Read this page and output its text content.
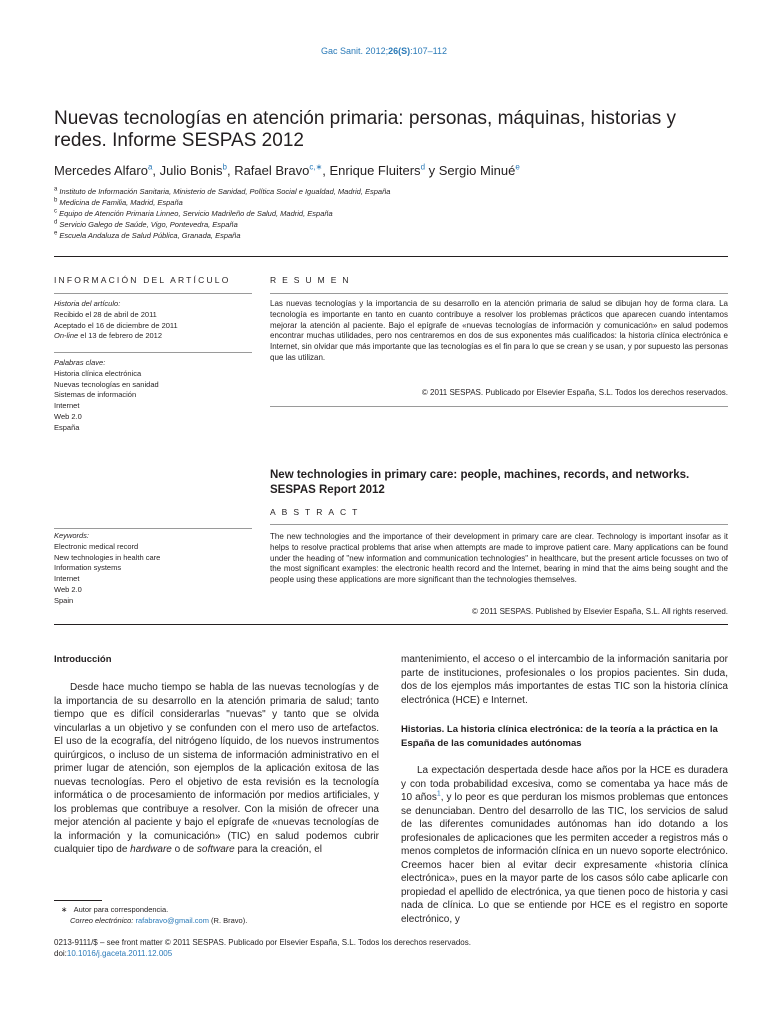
Gac Sanit. 2012;26(S):107–112
Nuevas tecnologías en atención primaria: personas, máquinas, historias y redes. Informe SESPAS 2012
Mercedes Alfaro$^a$, Julio Bonis$^b$, Rafael Bravo$^{c,∗}$, Enrique Fluiters$^d$ y Sergio Minué$^e$
$^a$ Instituto de Información Sanitaria, Ministerio de Sanidad, Política Social e Igualdad, Madrid, España
$^b$ Medicina de Familia, Madrid, España
$^c$ Equipo de Atención Primaria Linneo, Servicio Madrileño de Salud, Madrid, España
$^d$ Servicio Galego de Saúde, Vigo, Pontevedra, España
$^e$ Escuela Andaluza de Salud Pública, Granada, España
INFORMACIÓN DEL ARTÍCULO	RESUMEN
Historia del artículo:
Recibido el 28 de abril de 2011
Aceptado el 16 de diciembre de 2011
On-line el 13 de febrero de 2012
Palabras clave:
Historia clínica electrónica
Nuevas tecnologías en sanidad
Sistemas de información
Internet
Web 2.0
España
Las nuevas tecnologías y la importancia de su desarrollo en la atención primaria de salud se dibujan hoy de forma clara. La tecnología es importante en tanto en cuanto contribuye a resolver los problemas prácticos que aparecen cuando intentamos mejorar la atención al paciente. Bajo el epígrafe de «nuevas tecnologías de información y comunicación» en salud podemos encontrar muchas utilidades, pero nos centraremos en dos de sus exponentes más cualificados: la historia clínica electrónica e Internet, sin olvidar que más importante que las tecnologías es el fin para lo que se crean y se usan, y por supuesto las personas que las utilizan.
© 2011 SESPAS. Publicado por Elsevier España, S.L. Todos los derechos reservados.
New technologies in primary care: people, machines, records, and networks. SESPAS Report 2012
ABSTRACT
Keywords:
Electronic medical record
New technologies in health care
Information systems
Internet
Web 2.0
Spain
The new technologies and the importance of their development in primary care are clear. Technology is important insofar as it helps to resolve practical problems that arise when attempts are made to improve patient care. Many applications can be found under the heading of "new information and communication technologies" in healthcare, but the present article focusses on two of the most significant examples: the electronic health record and the Internet, bearing in mind that the aims being sought and the people using these applications are more significant than the technologies themselves.
© 2011 SESPAS. Published by Elsevier España, S.L. All rights reserved.
Introducción
Desde hace mucho tiempo se habla de las nuevas tecnologías y de la importancia de su desarrollo en la atención primaria de salud; tanto tiempo que es difícil considerarlas "nuevas" y tanto que se olvida vincularlas a un objetivo y se confunden con el mero uso de artefactos. El uso de la ecografía, del nitrógeno líquido, de los nuevos instrumentos quirúrgicos, o incluso de un sistema de información administrativo en el primer lugar de atención, son ejemplos de la aplicación exitosa de las nuevas tecnologías. Pero el objetivo de esta revisión es la tecnología informática o de procesamiento de información por medios artificiales, y los problemas que contribuye a resolver. Con la misión de ofrecer una mejor atención al paciente y bajo el epígrafe de «nuevas tecnologías de la información y la comunicación» (TIC) en salud podemos cubrir cualquier tipo de hardware o de software para la creación, el
mantenimiento, el acceso o el intercambio de la información sanitaria por parte de instituciones, profesionales o los propios pacientes. Sin duda, dos de los ejemplos más importantes de estas TIC son la historia clínica electrónica (HCE) e Internet.
Historias. La historia clínica electrónica: de la teoría a la práctica en la España de las comunidades autónomas
La expectación despertada desde hace años por la HCE es duradera y con toda probabilidad excesiva, como se comentaba ya hace más de 10 años$^1$, y lo peor es que perduran los mismos problemas que entonces se denunciaban. Dentro del desarrollo de las TIC, los servicios de salud de las diferentes comunidades autónomas han ido dotando a los profesionales de aplicaciones que les permiten acceder a registros más o menos completos de información clínica en un nuevo soporte electrónico. Creemos hacer bien al evitar decir expresamente «historia clínica electrónica», pues en la mayor parte de los casos sólo cabe aplicarle con propiedad el apellido de electrónica, ya que tienen poco de historia y casi nada de clínica. Lo que se entiende por HCE es el registro en soporte electrónico, y
∗ Autor para correspondencia.
Correo electrónico: rafabravo@gmail.com (R. Bravo).
0213-9111/$ – see front matter © 2011 SESPAS. Publicado por Elsevier España, S.L. Todos los derechos reservados.
doi:10.1016/j.gaceta.2011.12.005
